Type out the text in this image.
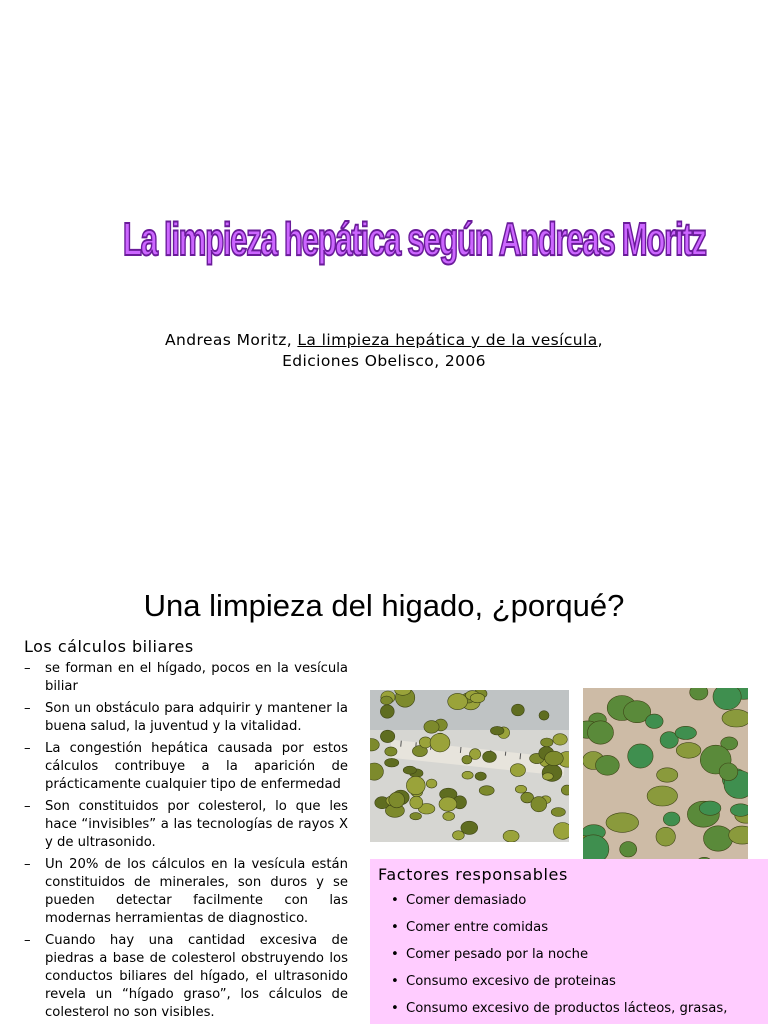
La limpieza hepática según Andreas Moritz
Andreas Moritz, La limpieza hepática y de la vesícula,
Ediciones Obelisco, 2006
Una limpieza del higado, ¿porqué?
Los cálculos biliares
– se forman en el hígado, pocos en la vesícula biliar
– Son un obstáculo para adquirir y mantener la buena salud, la juventud y la vitalidad.
– La congestión hepática causada por estos cálculos contribuye a la aparición de prácticamente cualquier tipo de enfermedad
– Son constituidos por colesterol, lo que les hace “invisibles” a las tecnologías de rayos X y de ultrasonido.
– Un 20% de los cálculos en la vesícula están constituidos de minerales, son duros y se pueden detectar facilmente con las modernas herramientas de diagnostico.
– Cuando hay una cantidad excesiva de piedras a base de colesterol obstruyendo los conductos biliares del hígado, el ultrasonido revela un “hígado graso”, los cálculos de colesterol no son visibles.
Factores responsables
• Comer demasiado
• Comer entre comidas
• Comer pesado por la noche
• Consumo excesivo de proteinas
• Consumo excesivo de productos lácteos, grasas,
